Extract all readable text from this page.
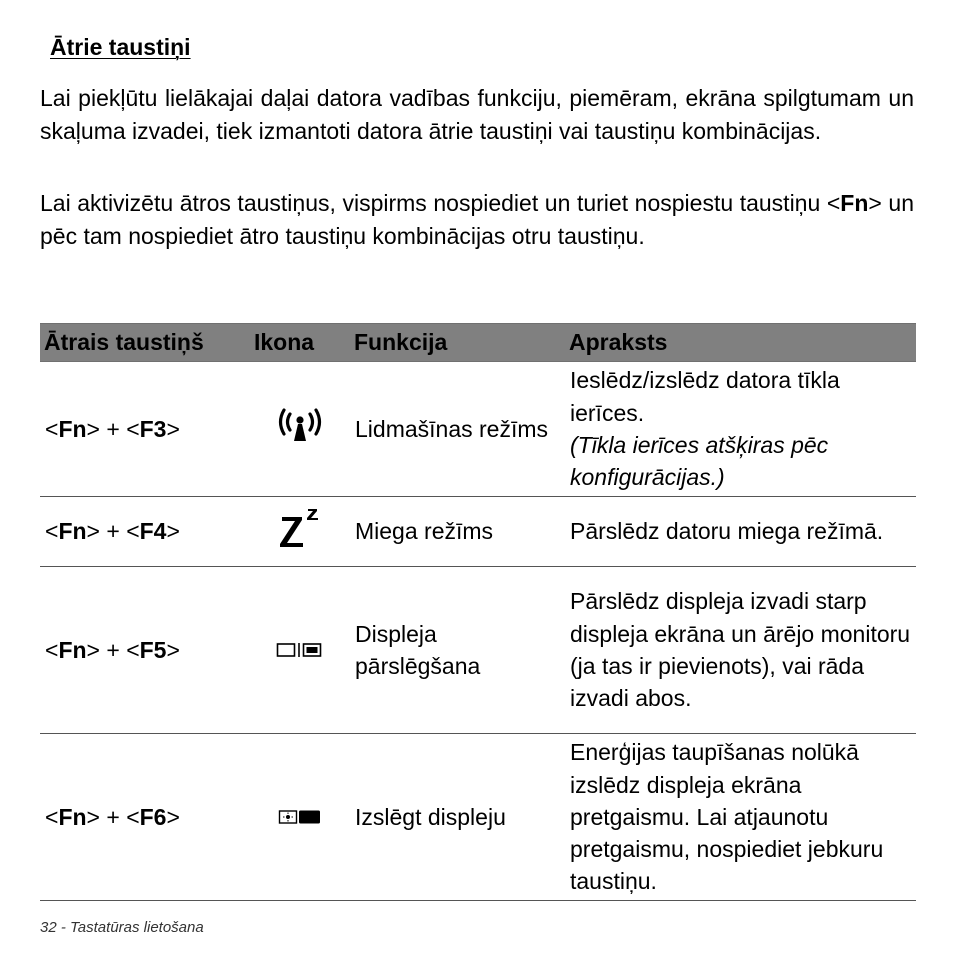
Ātrie taustiņi

Lai piekļūtu lielākajai daļai datora vadības funkciju, piemēram, ekrāna spilgtumam un skaļuma izvadei, tiek izmantoti datora ātrie taustiņi vai taustiņu kombinācijas.

Lai aktivizētu ātros taustiņus, vispirms nospiediet un turiet nospiestu taustiņu <Fn> un pēc tam nospiediet ātro taustiņu kombinācijas otru taustiņu.

Ātrais taustiņš	Ikona	Funkcija	Apraksts
<Fn> + <F3>		Lidmašīnas režīms	Ieslēdz/izslēdz datora tīkla ierīces.
(Tīkla ierīces atšķiras pēc konfigurācijas.)

<Fn> + <F4>		Miega režīms	Pārslēdz datoru miega režīmā.
<Fn> + <F5>		Displeja pārslēgšana	Pārslēdz displeja izvadi starp displeja ekrāna un ārējo monitoru (ja tas ir pievienots), vai rāda izvadi abos.
<Fn> + <F6>		Izslēgt displeju	Enerģijas taupīšanas nolūkā izslēdz displeja ekrāna pretgaismu. Lai atjaunotu pretgaismu, nospiediet jebkuru taustiņu.
32 - Tastatūras lietošana
